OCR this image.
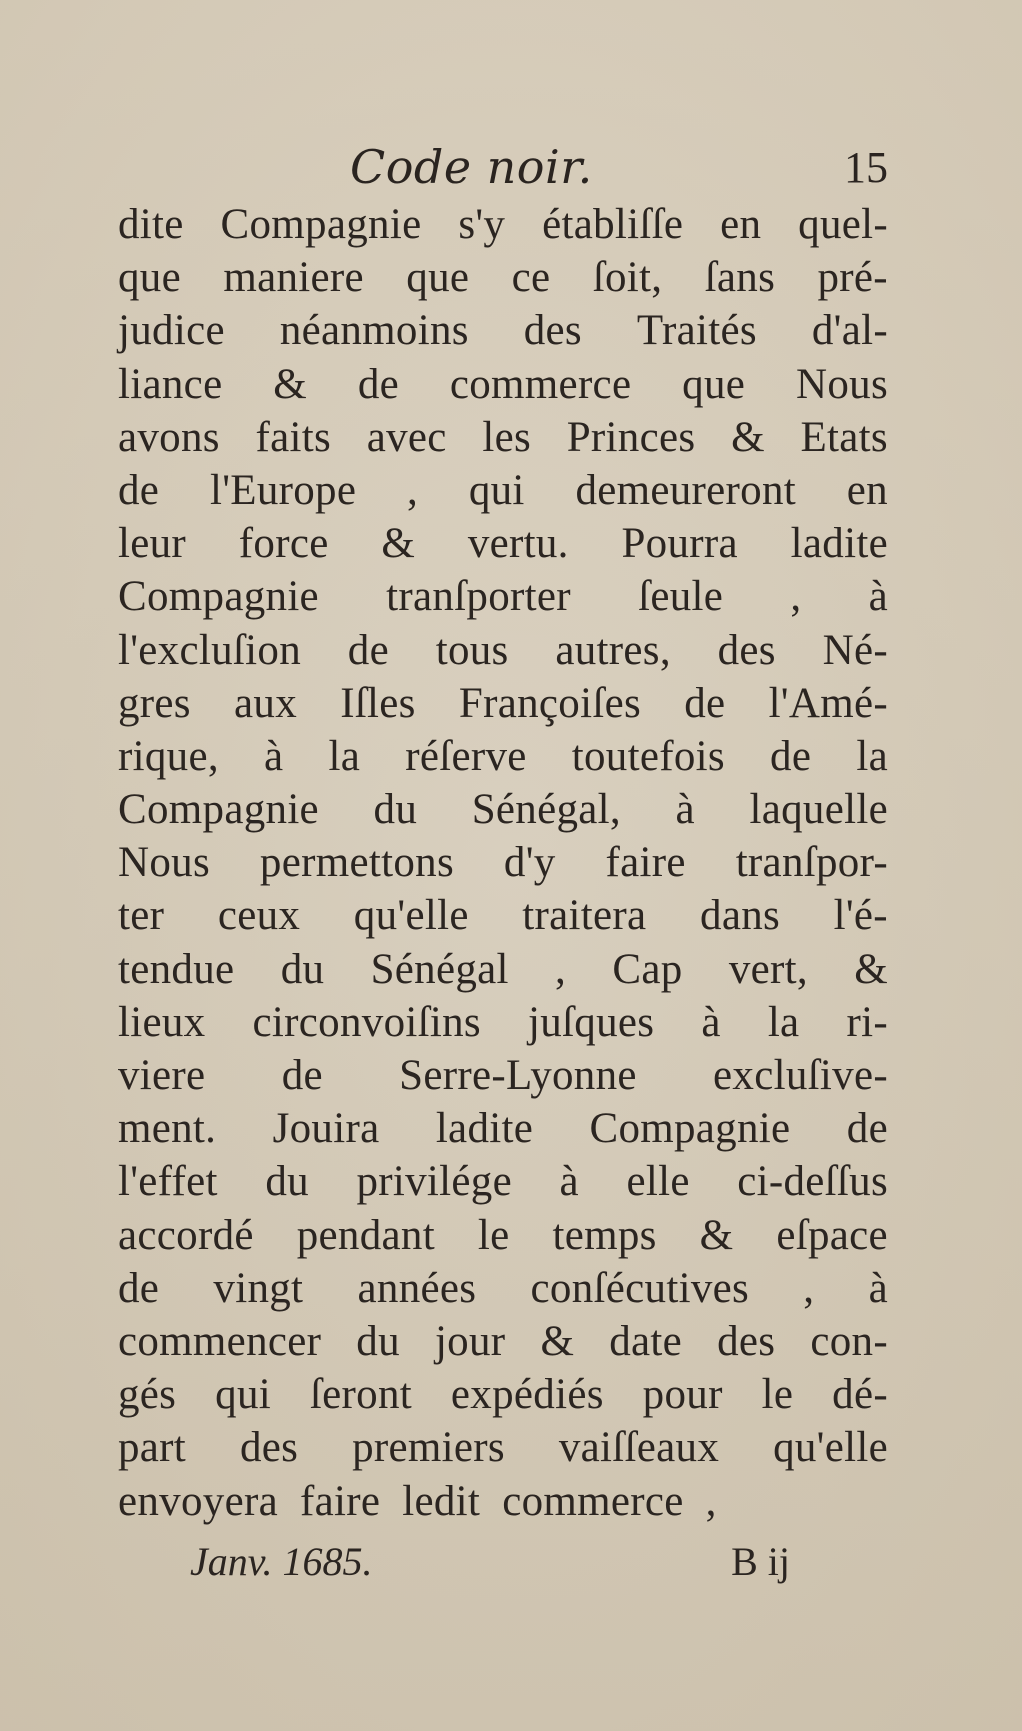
Code noir.	15
dite Compagnie s'y établiſſe en quel-
que maniere que ce ſoit, ſans pré-
judice néanmoins des Traités d'al-
liance & de commerce que Nous
avons faits avec les Princes & Etats
de l'Europe , qui demeureront en
leur force & vertu. Pourra ladite
Compagnie tranſporter ſeule , à
l'excluſion de tous autres, des Né-
gres aux Iſles Françoiſes de l'Amé-
rique, à la réſerve toutefois de la
Compagnie du Sénégal, à laquelle
Nous permettons d'y faire tranſpor-
ter ceux qu'elle traitera dans l'é-
tendue du Sénégal , Cap vert, &
lieux circonvoiſins juſques à la ri-
viere de Serre-Lyonne excluſive-
ment. Jouira ladite Compagnie de
l'effet du privilége à elle ci-deſſus
accordé pendant le temps & eſpace
de vingt années conſécutives , à
commencer du jour & date des con-
gés qui ſeront expédiés pour le dé-
part des premiers vaiſſeaux qu'elle
envoyera faire ledit commerce ,
Janv. 1685.	B ij
